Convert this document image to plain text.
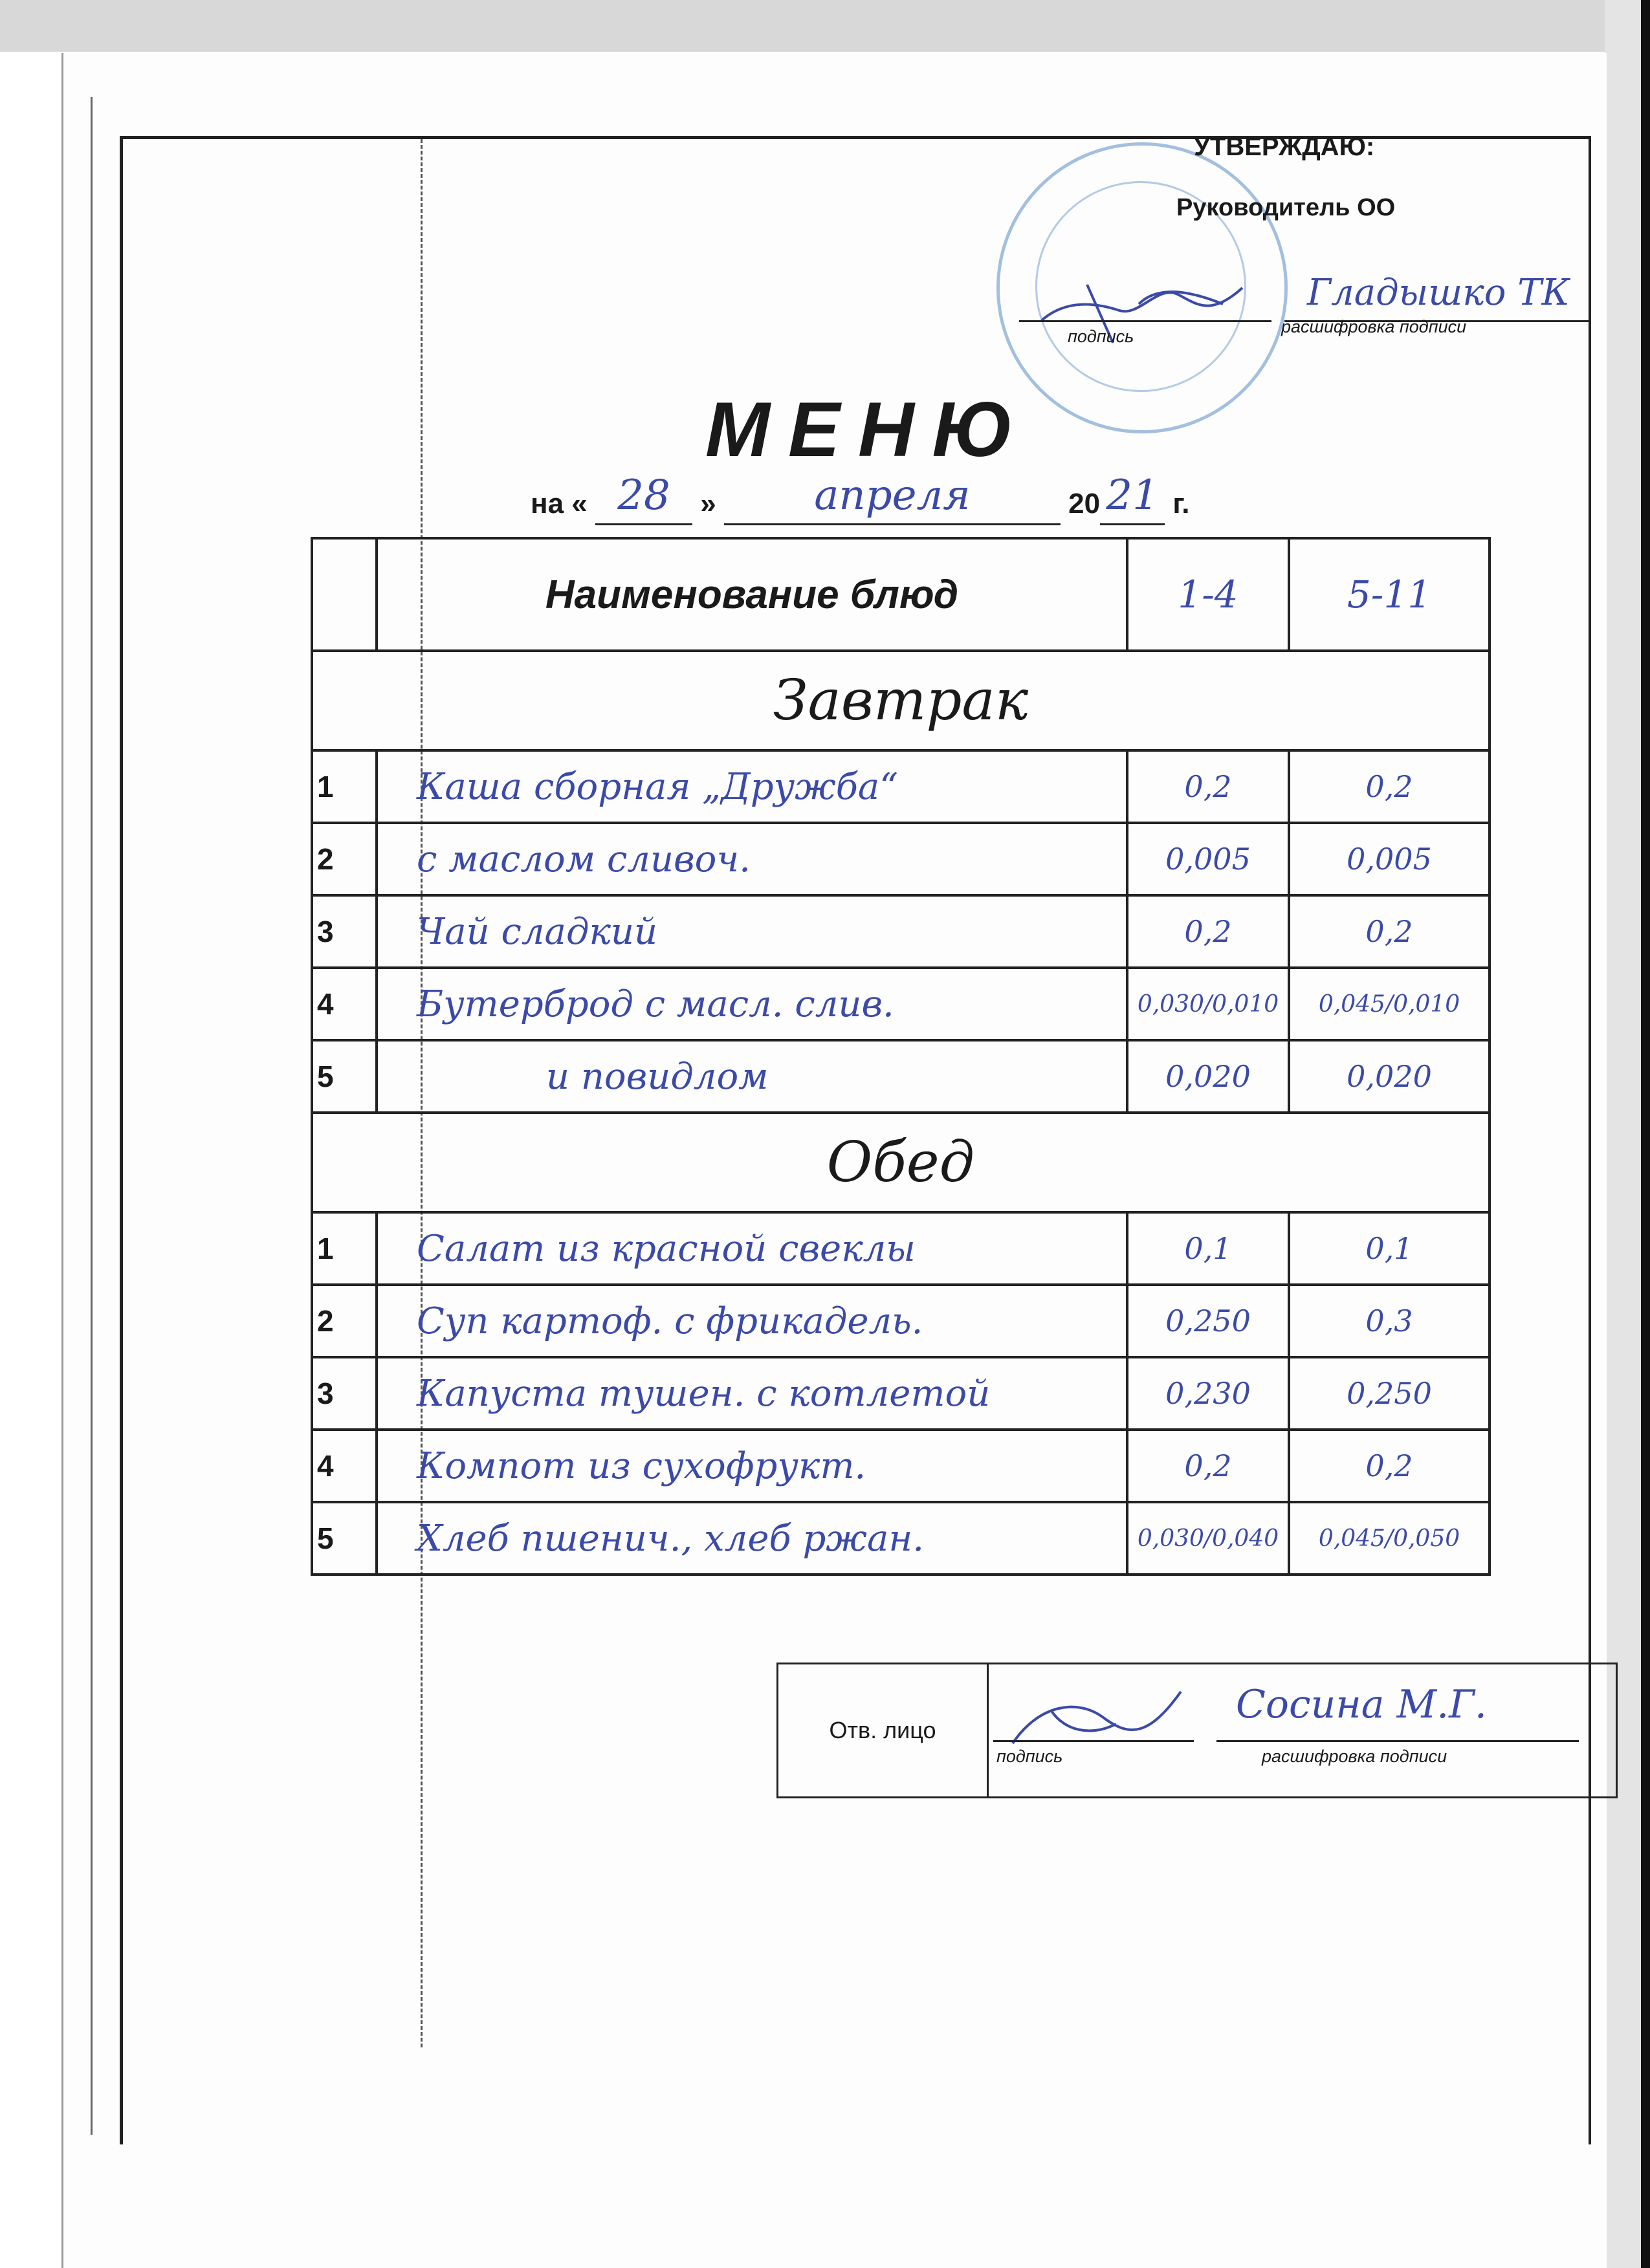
УТВЕРЖДАЮ:
Руководитель ОО
подпись	расшифровка подписи
Гладышко ТК
МЕНЮ
на « 28 » апреля	20 21 г.
	Наименование блюд	1-4	5-11
Завтрак			
1	Каша сборная „Дружба“	0,2	0,2
2	с маслом сливоч.	0,005	0,005
3	Чай сладкий	0,2	0,2
4	Бутерброд с масл. слив.	0,030/0,010	0,045/0,010
5	и повидлом	0,020	0,020
Обед			
1	Салат из красной свеклы	0,1	0,1
2	Суп картоф. с фрикадель.	0,250	0,3
3	Капуста тушен. с котлетой	0,230	0,250
4	Компот из сухофрукт.	0,2	0,2
5	Хлеб пшенич., хлеб ржан.	0,030/0,040	0,045/0,050
Отв. лицо	
Сосина М.Г.
подпись	расшифровка подписи
